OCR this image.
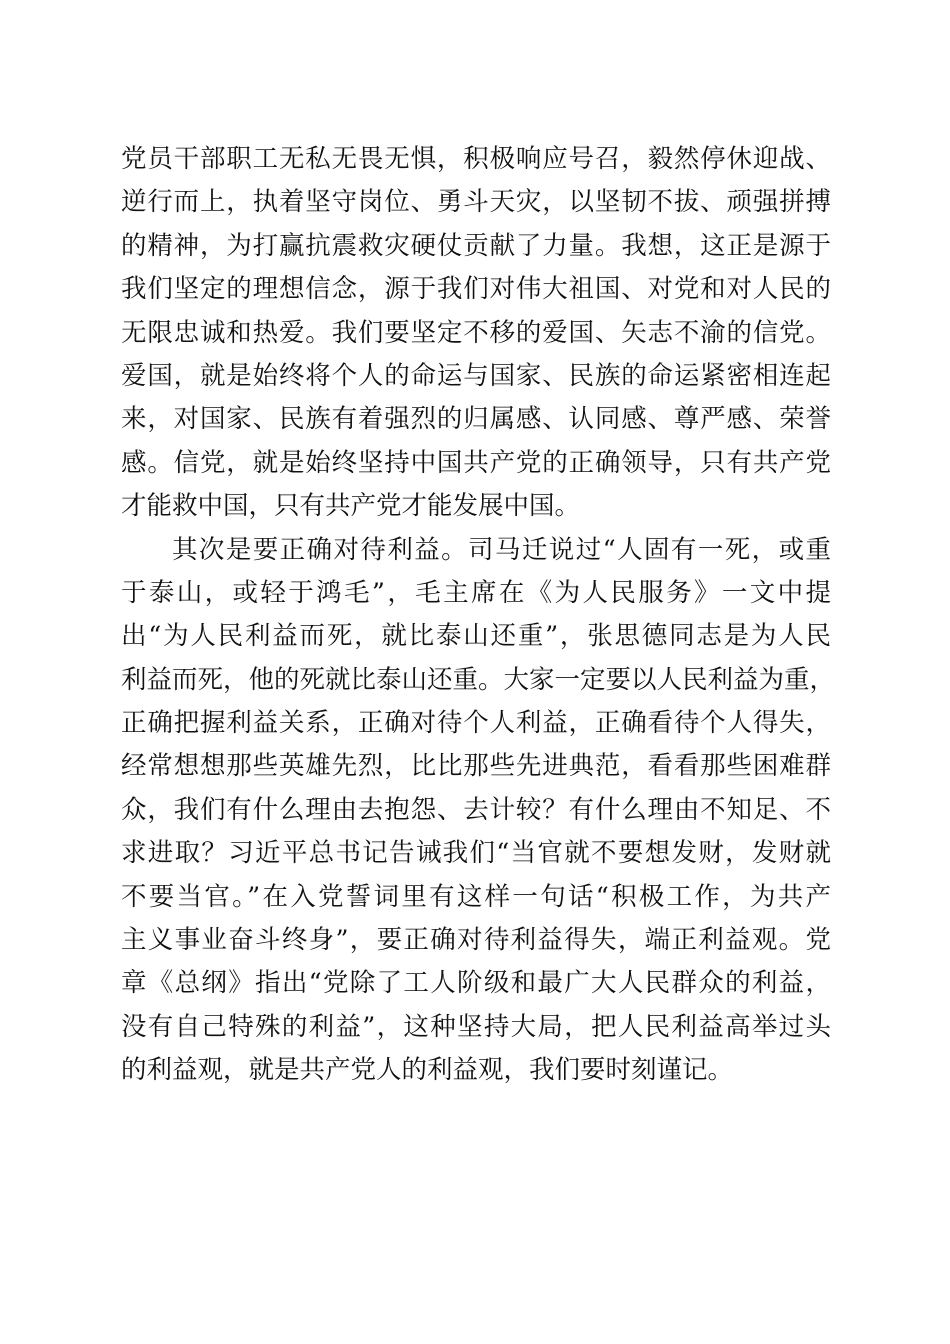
党员干部职工无私无畏无惧，积极响应号召，毅然停休迎战、
逆行而上，执着坚守岗位、勇斗天灾，以坚韧不拔、顽强拼搏
的精神，为打赢抗震救灾硬仗贡献了力量。我想，这正是源于
我们坚定的理想信念，源于我们对伟大祖国、对党和对人民的
无限忠诚和热爱。我们要坚定不移的爱国、矢志不渝的信党。
爱国，就是始终将个人的命运与国家、民族的命运紧密相连起
来，对国家、民族有着强烈的归属感、认同感、尊严感、荣誉
感。信党，就是始终坚持中国共产党的正确领导，只有共产党
才能救中国，只有共产党才能发展中国。
其次是要正确对待利益。司马迁说过“人固有一死，或重
于泰山，或轻于鸿毛”，毛主席在《为人民服务》一文中提
出“为人民利益而死，就比泰山还重”，张思德同志是为人民
利益而死，他的死就比泰山还重。大家一定要以人民利益为重，
正确把握利益关系，正确对待个人利益，正确看待个人得失，
经常想想那些英雄先烈，比比那些先进典范，看看那些困难群
众，我们有什么理由去抱怨、去计较？有什么理由不知足、不
求进取？习近平总书记告诫我们“当官就不要想发财，发财就
不要当官。”在入党誓词里有这样一句话“积极工作，为共产
主义事业奋斗终身”，要正确对待利益得失，端正利益观。党
章《总纲》指出“党除了工人阶级和最广大人民群众的利益，
没有自己特殊的利益”，这种坚持大局，把人民利益高举过头
的利益观，就是共产党人的利益观，我们要时刻谨记。
